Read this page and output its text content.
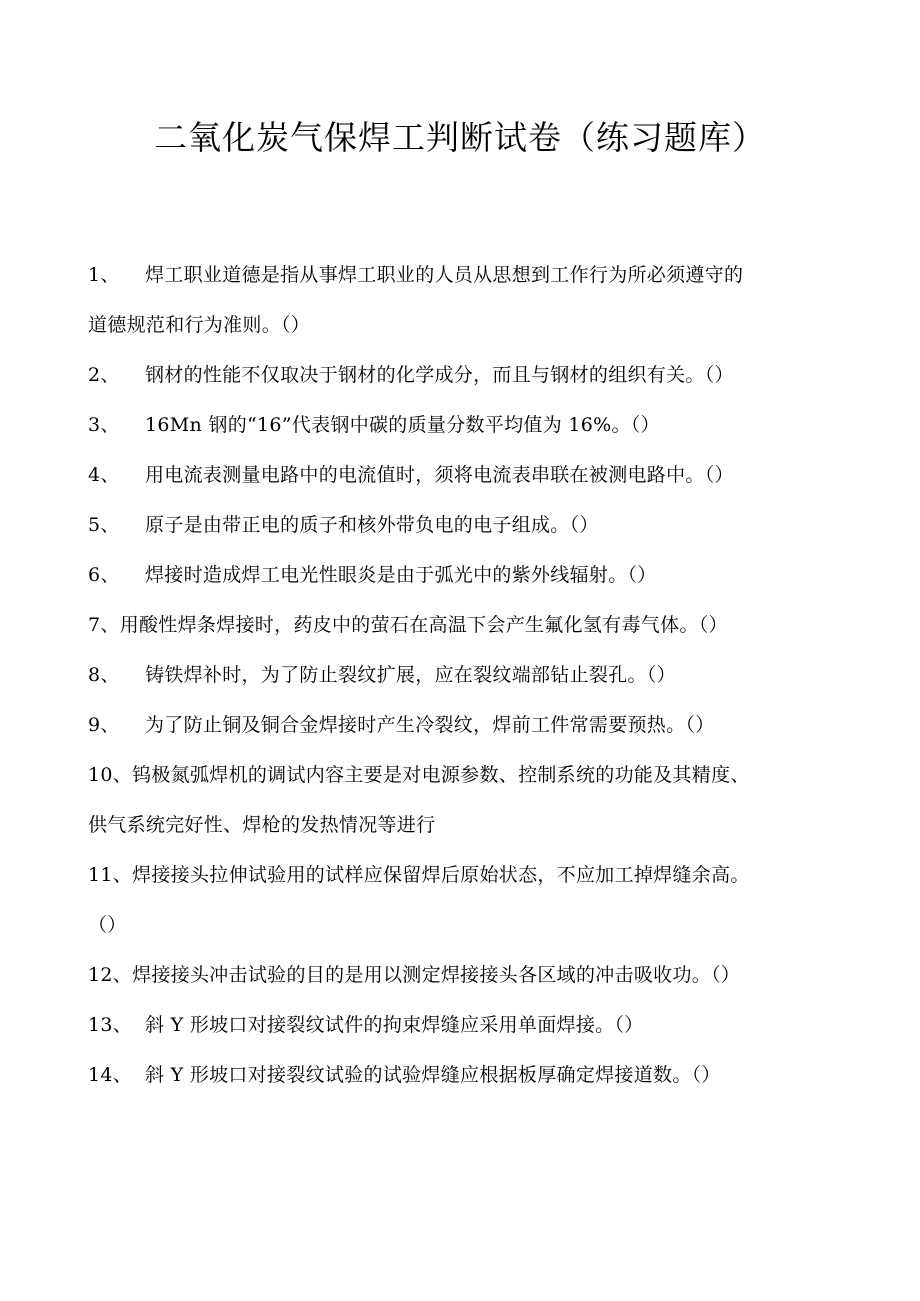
二氧化炭气保焊工判断试卷（练习题库）
1、 焊工职业道德是指从事焊工职业的人员从思想到工作行为所必须遵守的
道德规范和行为准则。（）
2、 钢材的性能不仅取决于钢材的化学成分，而且与钢材的组织有关。（）
3、 16Mn 钢的“16”代表钢中碳的质量分数平均值为 16%。（）
4、 用电流表测量电路中的电流值时，须将电流表串联在被测电路中。（）
5、 原子是由带正电的质子和核外带负电的电子组成。（）
6、 焊接时造成焊工电光性眼炎是由于弧光中的紫外线辐射。（）
7、用酸性焊条焊接时，药皮中的萤石在高温下会产生氟化氢有毒气体。（）
8、 铸铁焊补时，为了防止裂纹扩展，应在裂纹端部钻止裂孔。（）
9、 为了防止铜及铜合金焊接时产生冷裂纹，焊前工件常需要预热。（）
10、钨极氮弧焊机的调试内容主要是对电源参数、控制系统的功能及其精度、
供气系统完好性、焊枪的发热情况等进行
11、焊接接头拉伸试验用的试样应保留焊后原始状态，不应加工掉焊缝余高。
（）
12、焊接接头冲击试验的目的是用以测定焊接接头各区域的冲击吸收功。（）
13、 斜 Y 形坡口对接裂纹试件的拘束焊缝应采用单面焊接。（）
14、 斜 Y 形坡口对接裂纹试验的试验焊缝应根据板厚确定焊接道数。（）
